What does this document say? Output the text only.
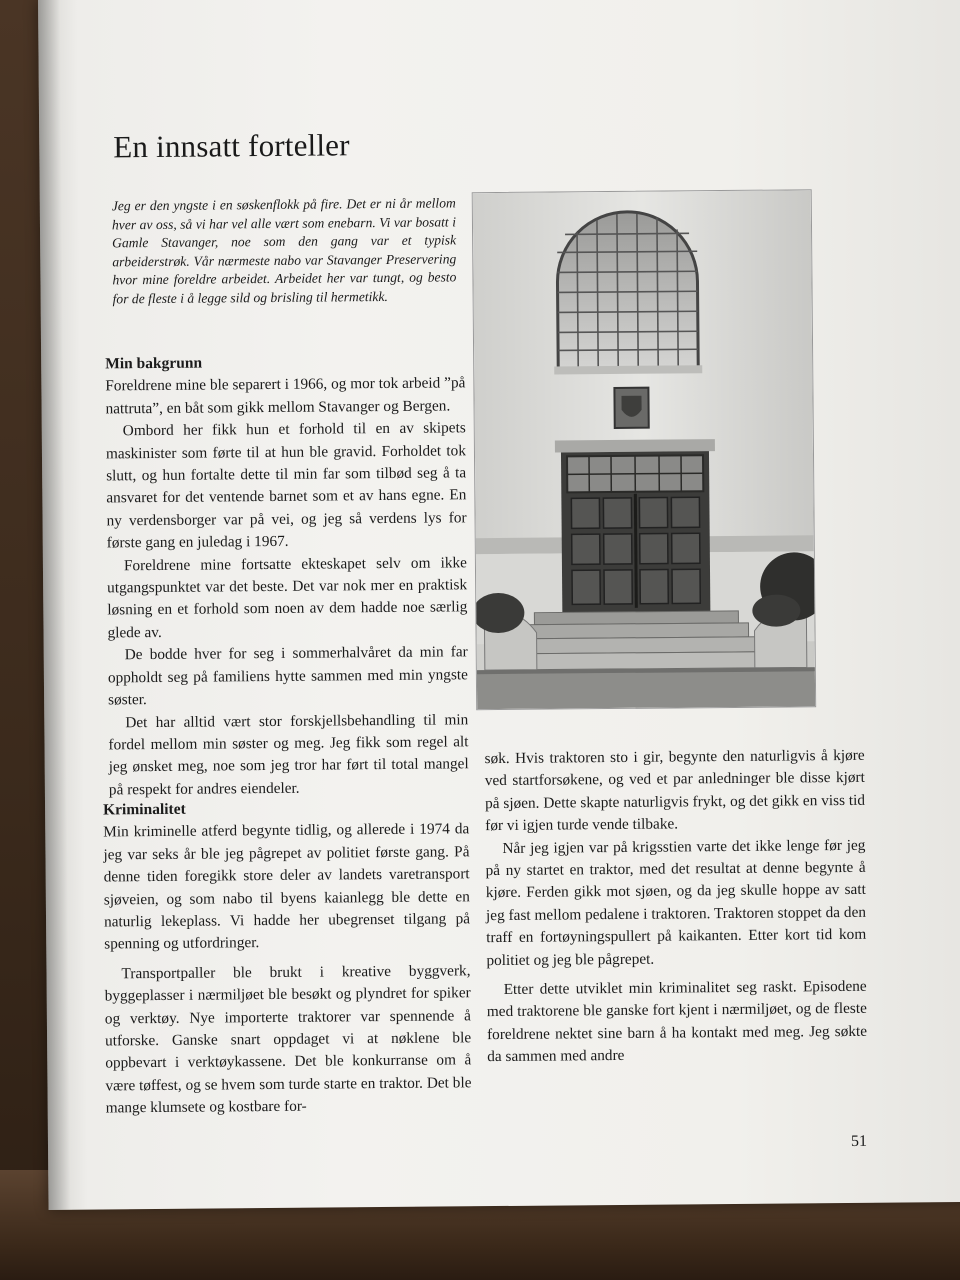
En innsatt forteller

Jeg er den yngste i en søskenflokk på fire. Det er ni år mellom hver av oss, så vi har vel alle vært som enebarn. Vi var bosatt i Gamle Stavanger, noe som den gang var et typisk arbeiderstrøk. Vår nærmeste nabo var Stavanger Preservering hvor mine foreldre arbeidet. Arbeidet her var tungt, og besto for de fleste i å legge sild og brisling til hermetikk.

Min bakgrunn

Foreldrene mine ble separert i 1966, og mor tok arbeid ”på nattruta”, en båt som gikk mellom Stavanger og Bergen.

Ombord her fikk hun et forhold til en av skipets maskinister som førte til at hun ble gravid. Forholdet tok slutt, og hun fortalte dette til min far som tilbød seg å ta ansvaret for det ventende barnet som et av hans egne. En ny verdensborger var på vei, og jeg så verdens lys for første gang en juledag i 1967.

Foreldrene mine fortsatte ekteskapet selv om ikke utgangspunktet var det beste. Det var nok mer en praktisk løsning en et forhold som noen av dem hadde noe særlig glede av.

De bodde hver for seg i sommerhalvåret da min far oppholdt seg på familiens hytte sammen med min yngste søster.

Det har alltid vært stor forskjellsbehandling til min fordel mellom min søster og meg. Jeg fikk som regel alt jeg ønsket meg, noe som jeg tror har ført til total mangel på respekt for andres eiendeler.

Kriminalitet

Min kriminelle atferd begynte tidlig, og allerede i 1974 da jeg var seks år ble jeg pågrepet av politiet første gang. På denne tiden foregikk store deler av landets varetransport sjøveien, og som nabo til byens kaianlegg ble dette en naturlig lekeplass. Vi hadde her ubegrenset tilgang på spenning og utfordringer.

Transportpaller ble brukt i kreative byggverk, byggeplasser i nærmiljøet ble besøkt og plyndret for spiker og verktøy. Nye importerte traktorer var spennende å utforske. Ganske snart oppdaget vi at nøklene ble oppbevart i verktøykassene. Det ble konkurranse om å være tøffest, og se hvem som turde starte en traktor. Det ble mange klumsete og kostbare for-

søk. Hvis traktoren sto i gir, begynte den naturligvis å kjøre ved startforsøkene, og ved et par anledninger ble disse kjørt på sjøen. Dette skapte naturligvis frykt, og det gikk en viss tid før vi igjen turde vende tilbake.

Når jeg igjen var på krigsstien varte det ikke lenge før jeg på ny startet en traktor, med det resultat at denne begynte å kjøre. Ferden gikk mot sjøen, og da jeg skulle hoppe av satt jeg fast mellom pedalene i traktoren. Traktoren stoppet da den traff en fortøyningspullert på kaikanten. Etter kort tid kom politiet og jeg ble pågrepet.

Etter dette utviklet min kriminalitet seg raskt. Episodene med traktorene ble ganske fort kjent i nærmiljøet, og de fleste foreldrene nektet sine barn å ha kontakt med meg. Jeg søkte da sammen med andre

51
